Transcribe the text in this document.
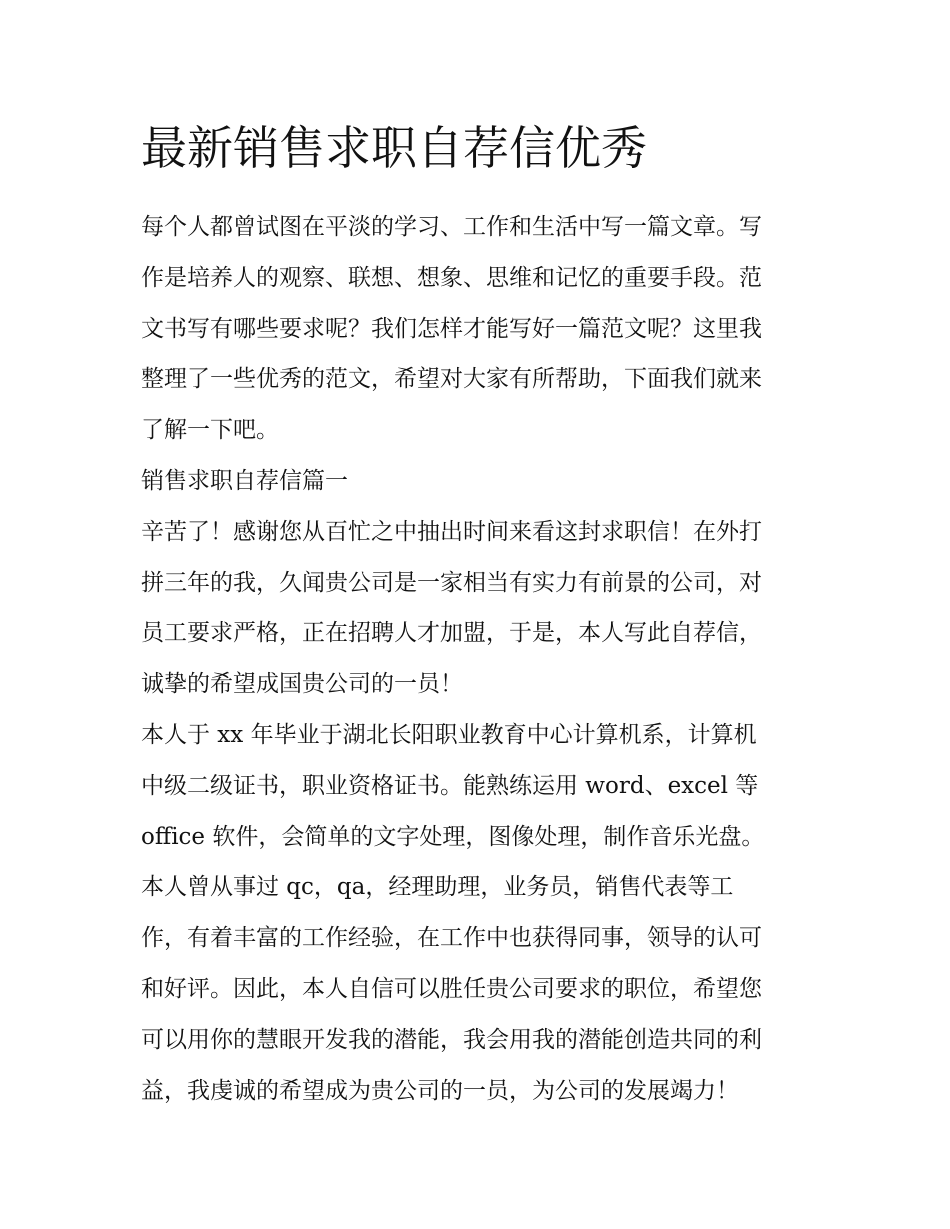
最新销售求职自荐信优秀

每个人都曾试图在平淡的学习、工作和生活中写一篇文章。写
作是培养人的观察、联想、想象、思维和记忆的重要手段。范
文书写有哪些要求呢？我们怎样才能写好一篇范文呢？这里我
整理了一些优秀的范文，希望对大家有所帮助，下面我们就来
了解一下吧。

销售求职自荐信篇一

辛苦了！感谢您从百忙之中抽出时间来看这封求职信！在外打
拼三年的我，久闻贵公司是一家相当有实力有前景的公司，对
员工要求严格，正在招聘人才加盟，于是，本人写此自荐信，
诚挚的希望成国贵公司的一员！

本人于 xx 年毕业于湖北长阳职业教育中心计算机系，计算机
中级二级证书，职业资格证书。能熟练运用 word、excel 等
office 软件，会简单的文字处理，图像处理，制作音乐光盘。
本人曾从事过 qc，qa，经理助理，业务员，销售代表等工
作，有着丰富的工作经验，在工作中也获得同事，领导的认可
和好评。因此，本人自信可以胜任贵公司要求的职位，希望您
可以用你的慧眼开发我的潜能，我会用我的潜能创造共同的利
益，我虔诚的希望成为贵公司的一员，为公司的发展竭力！
